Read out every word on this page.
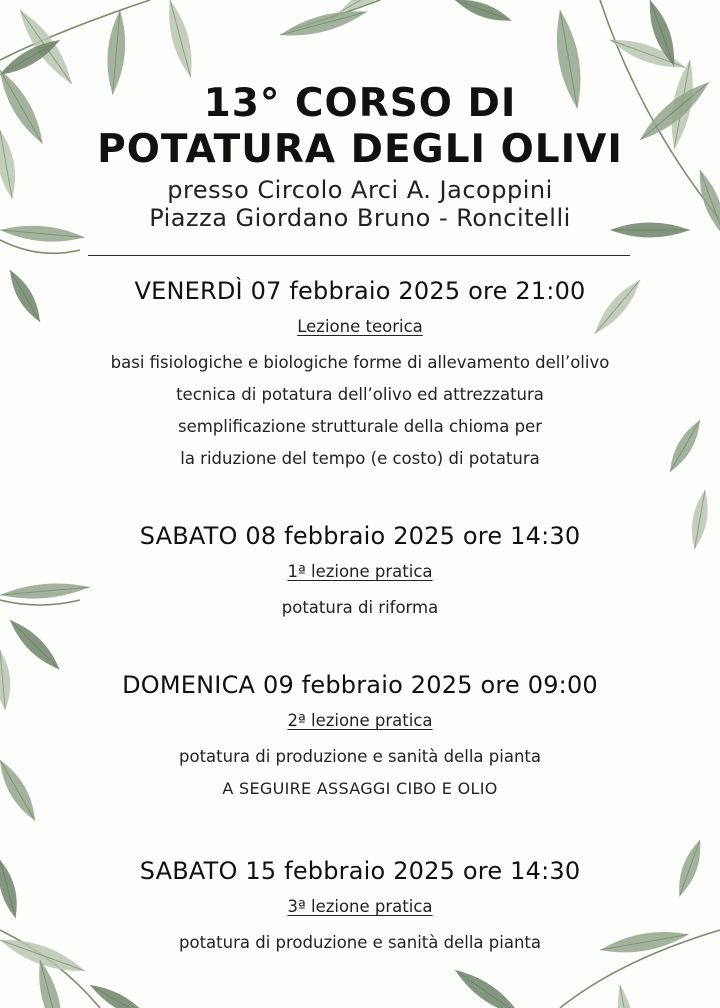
13° CORSO DI
POTATURA DEGLI OLIVI
presso Circolo Arci A. Jacoppini
Piazza Giordano Bruno - Roncitelli
VENERDÌ 07 febbraio 2025 ore 21:00
Lezione teorica
basi fisiologiche e biologiche forme di allevamento dell’olivo
tecnica di potatura dell’olivo ed attrezzatura
semplificazione strutturale della chioma per
la riduzione del tempo (e costo) di potatura
SABATO 08 febbraio 2025 ore 14:30
1ª lezione pratica
potatura di riforma
DOMENICA 09 febbraio 2025 ore 09:00
2ª lezione pratica
potatura di produzione e sanità della pianta
A SEGUIRE ASSAGGI CIBO E OLIO
SABATO 15 febbraio 2025 ore 14:30
3ª lezione pratica
potatura di produzione e sanità della pianta
